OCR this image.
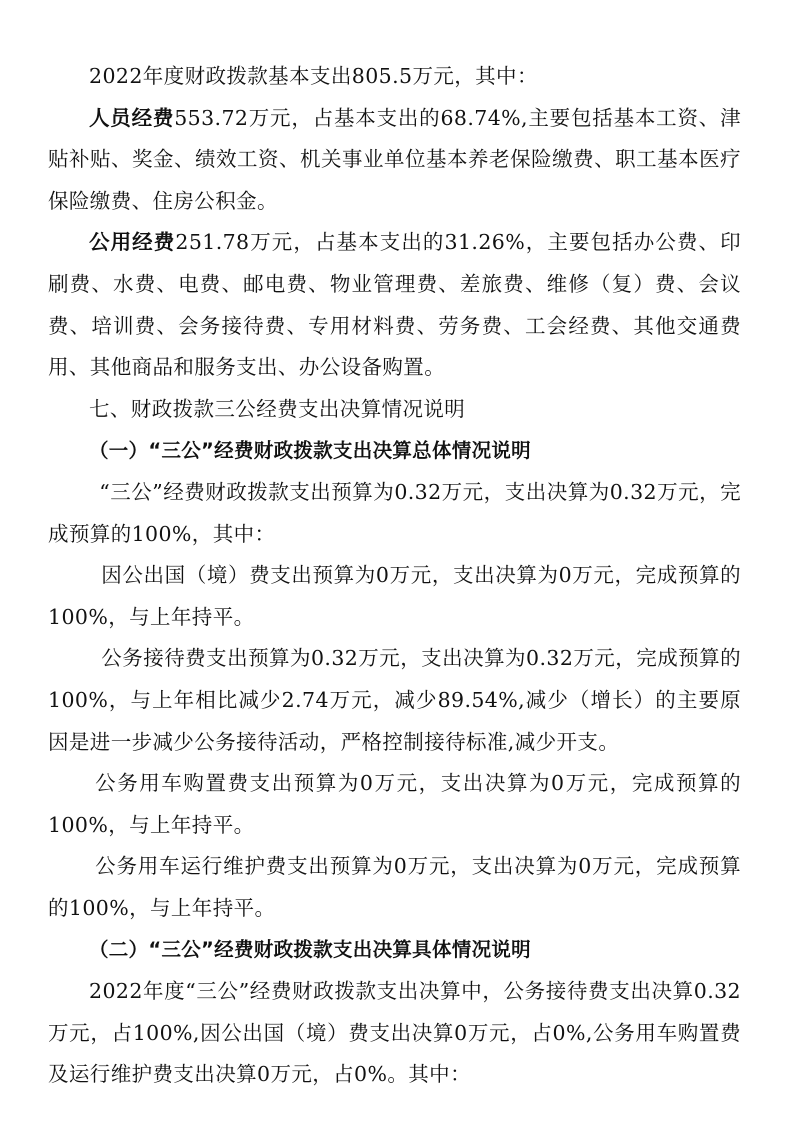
2022年度财政拨款基本支出805.5万元，其中：

人员经费553.72万元，占基本支出的68.74%,主要包括基本工资、津贴补贴、奖金、绩效工资、机关事业单位基本养老保险缴费、职工基本医疗保险缴费、住房公积金。

公用经费251.78万元，占基本支出的31.26%，主要包括办公费、印刷费、水费、电费、邮电费、物业管理费、差旅费、维修（复）费、会议费、培训费、会务接待费、专用材料费、劳务费、工会经费、其他交通费用、其他商品和服务支出、办公设备购置。

七、财政拨款三公经费支出决算情况说明

（一）“三公”经费财政拨款支出决算总体情况说明

“三公”经费财政拨款支出预算为0.32万元，支出决算为0.32万元，完成预算的100%，其中：

因公出国（境）费支出预算为0万元，支出决算为0万元，完成预算的100%，与上年持平。

公务接待费支出预算为0.32万元，支出决算为0.32万元，完成预算的100%，与上年相比减少2.74万元，减少89.54%,减少（增长）的主要原因是进一步减少公务接待活动，严格控制接待标准,减少开支。

公务用车购置费支出预算为0万元，支出决算为0万元，完成预算的100%，与上年持平。

公务用车运行维护费支出预算为0万元，支出决算为0万元，完成预算的100%，与上年持平。

（二）“三公”经费财政拨款支出决算具体情况说明

2022年度“三公”经费财政拨款支出决算中，公务接待费支出决算0.32万元，占100%,因公出国（境）费支出决算0万元，占0%,公务用车购置费及运行维护费支出决算0万元，占0%。其中：
